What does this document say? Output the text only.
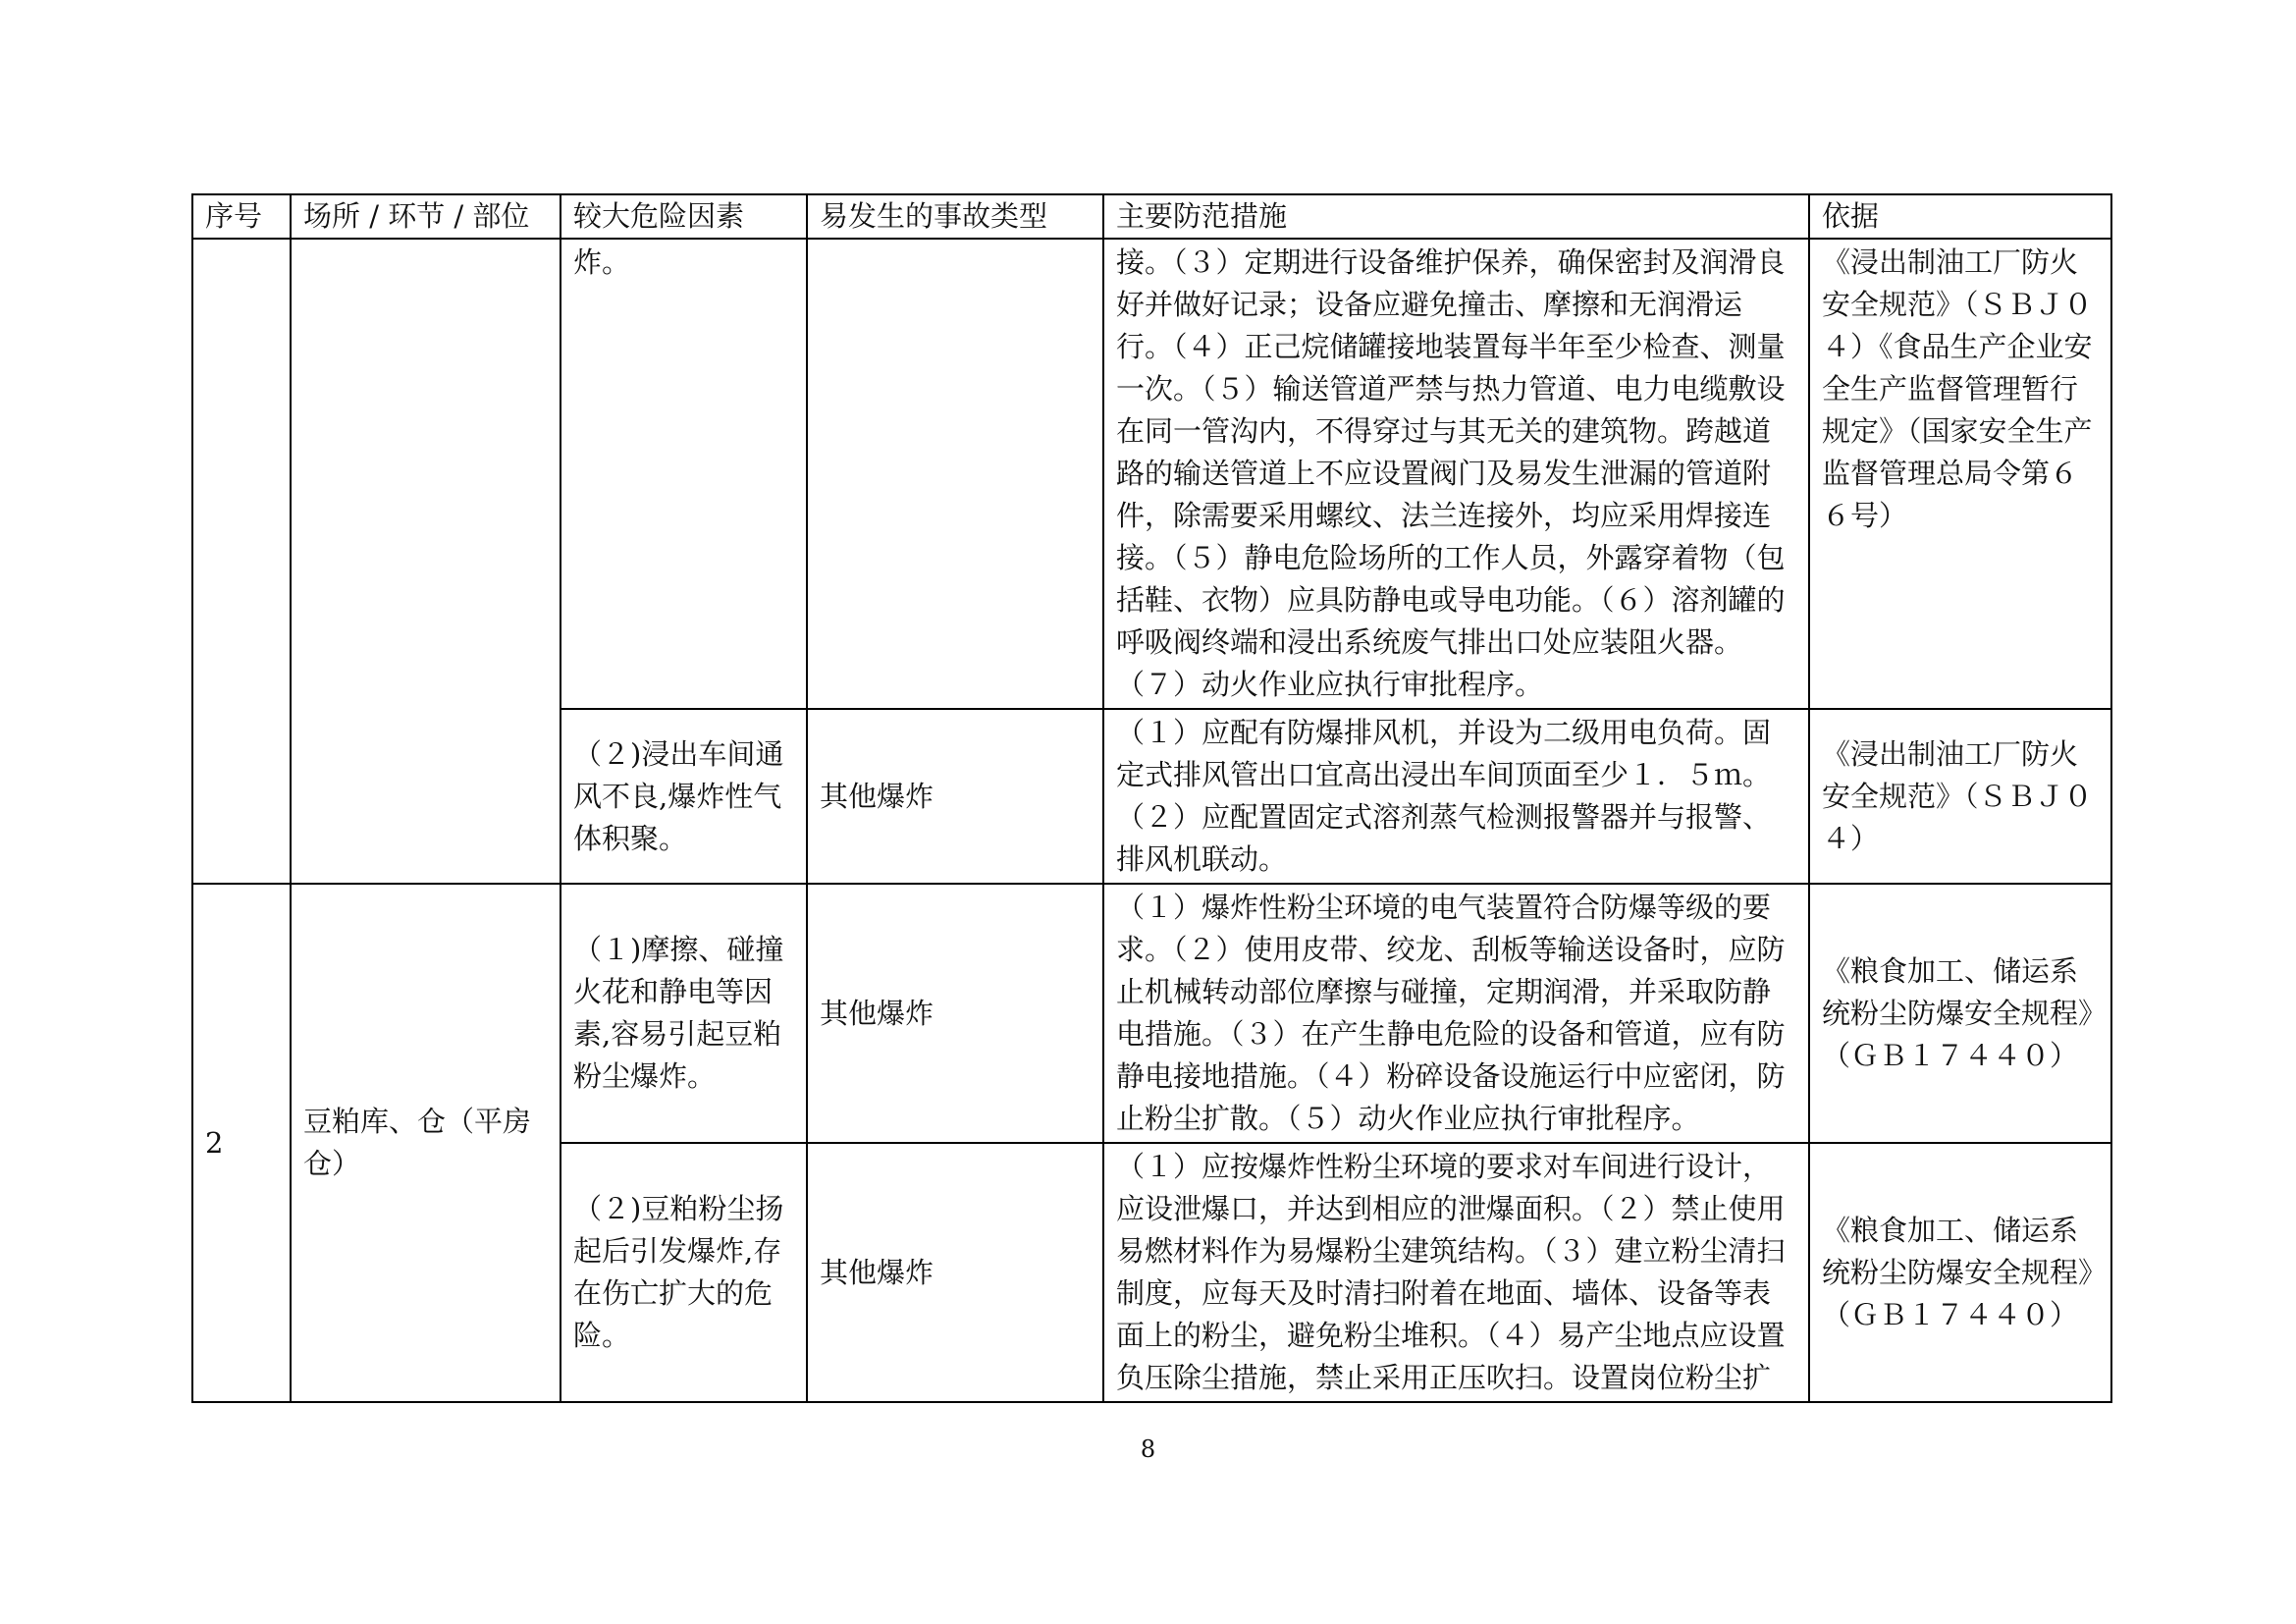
序号	场所 / 环节 / 部位	较大危险因素	易发生的事故类型	主要防范措施	依据
		炸。		接。（３）定期进行设备维护保养，确保密封及润滑良好并做好记录；设备应避免撞击、摩擦和无润滑运行。（４）正己烷储罐接地装置每半年至少检查、测量一次。（５）输送管道严禁与热力管道、电力电缆敷设在同一管沟内，不得穿过与其无关的建筑物。跨越道路的输送管道上不应设置阀门及易发生泄漏的管道附件，除需要采用螺纹、法兰连接外，均应采用焊接连接。（５）静电危险场所的工作人员，外露穿着物（包括鞋、衣物）应具防静电或导电功能。（６）溶剂罐的呼吸阀终端和浸出系统废气排出口处应装阻火器。（７）动火作业应执行审批程序。	《浸出制油工厂防火安全规范》（ＳＢＪ０４）《食品生产企业安全生产监督管理暂行规定》（国家安全生产监督管理总局令第６６号）
		（２)浸出车间通风不良,爆炸性气体积聚。	其他爆炸	（１）应配有防爆排风机，并设为二级用电负荷。固定式排风管出口宜高出浸出车间顶面至少１．５ｍ。（２）应配置固定式溶剂蒸气检测报警器并与报警、排风机联动。	《浸出制油工厂防火安全规范》（ＳＢＪ０４）
2	豆粕库、仓（平房仓）	（１)摩擦、碰撞火花和静电等因素,容易引起豆粕粉尘爆炸。	其他爆炸	（１）爆炸性粉尘环境的电气装置符合防爆等级的要求。（２）使用皮带、绞龙、刮板等输送设备时，应防止机械转动部位摩擦与碰撞，定期润滑，并采取防静电措施。（３）在产生静电危险的设备和管道，应有防静电接地措施。（４）粉碎设备设施运行中应密闭，防止粉尘扩散。（５）动火作业应执行审批程序。	《粮食加工、储运系统粉尘防爆安全规程》（ＧＢ１７４４０）
		（２)豆粕粉尘扬起后引发爆炸,存在伤亡扩大的危险。	其他爆炸	（１）应按爆炸性粉尘环境的要求对车间进行设计，应设泄爆口，并达到相应的泄爆面积。（２）禁止使用易燃材料作为易爆粉尘建筑结构。（３）建立粉尘清扫制度，应每天及时清扫附着在地面、墙体、设备等表面上的粉尘，避免粉尘堆积。（４）易产尘地点应设置负压除尘措施，禁止采用正压吹扫。设置岗位粉尘扩	《粮食加工、储运系统粉尘防爆安全规程》（ＧＢ１７４４０）
8
